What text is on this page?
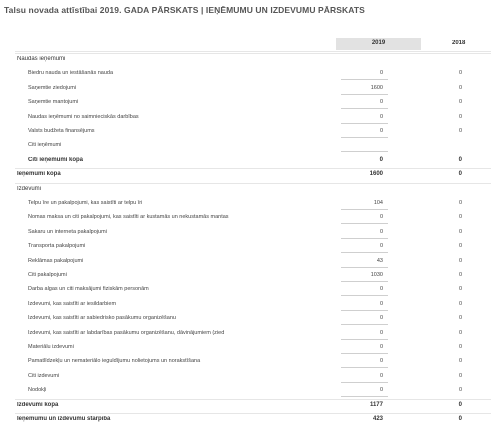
Talsu novada attīstībai 2019. GADA PĀRSKATS | IEŅĒMUMU UN IZDEVUMU PĀRSKATS
2019	2018
Naudas ieņēmumi
Biedru nauda un iestāšanās nauda	0	0
Saņemtie ziedojumi	1600	0
Saņemtie mantojumi	0	0
Naudas ieņēmumi no saimnieciskās darbības	0	0
Valsts budžeta finansējums	0	0
Citi ieņēmumi
Citi ieņēmumi kopā	0	0
Ieņēmumi kopā	1600	0
Izdevumi
Telpu īre un pakalpojumi, kas saistīti ar telpu īri	104	0
Nomas maksa un citi pakalpojumi, kas saistīti ar kustamās un nekustamās mantas	0	0
Sakaru un interneta pakalpojumi	0	0
Transporta pakalpojumi	0	0
Reklāmas pakalpojumi	43	0
Citi pakalpojumi	1030	0
Darba algas un citi maksājumi fiziskām personām	0	0
Izdevumi, kas saistīti ar iesildarbiem	0	0
Izdevumi, kas saistīti ar sabiedrisko pasākumu organizēšanu	0	0
Izdevumi, kas saistīti ar labdarības pasākumu organizēšanu, dāvinājumiem (zied	0	0
Materiālu izdevumi	0	0
Pamatlīdzekļu un nemateriālo ieguldījumu nolietojums un norakstīšana	0	0
Citi izdevumi	0	0
Nodokļi	0	0
Izdevumi kopā	1177	0
Ieņēmumu un izdevumu starpība	423	0
